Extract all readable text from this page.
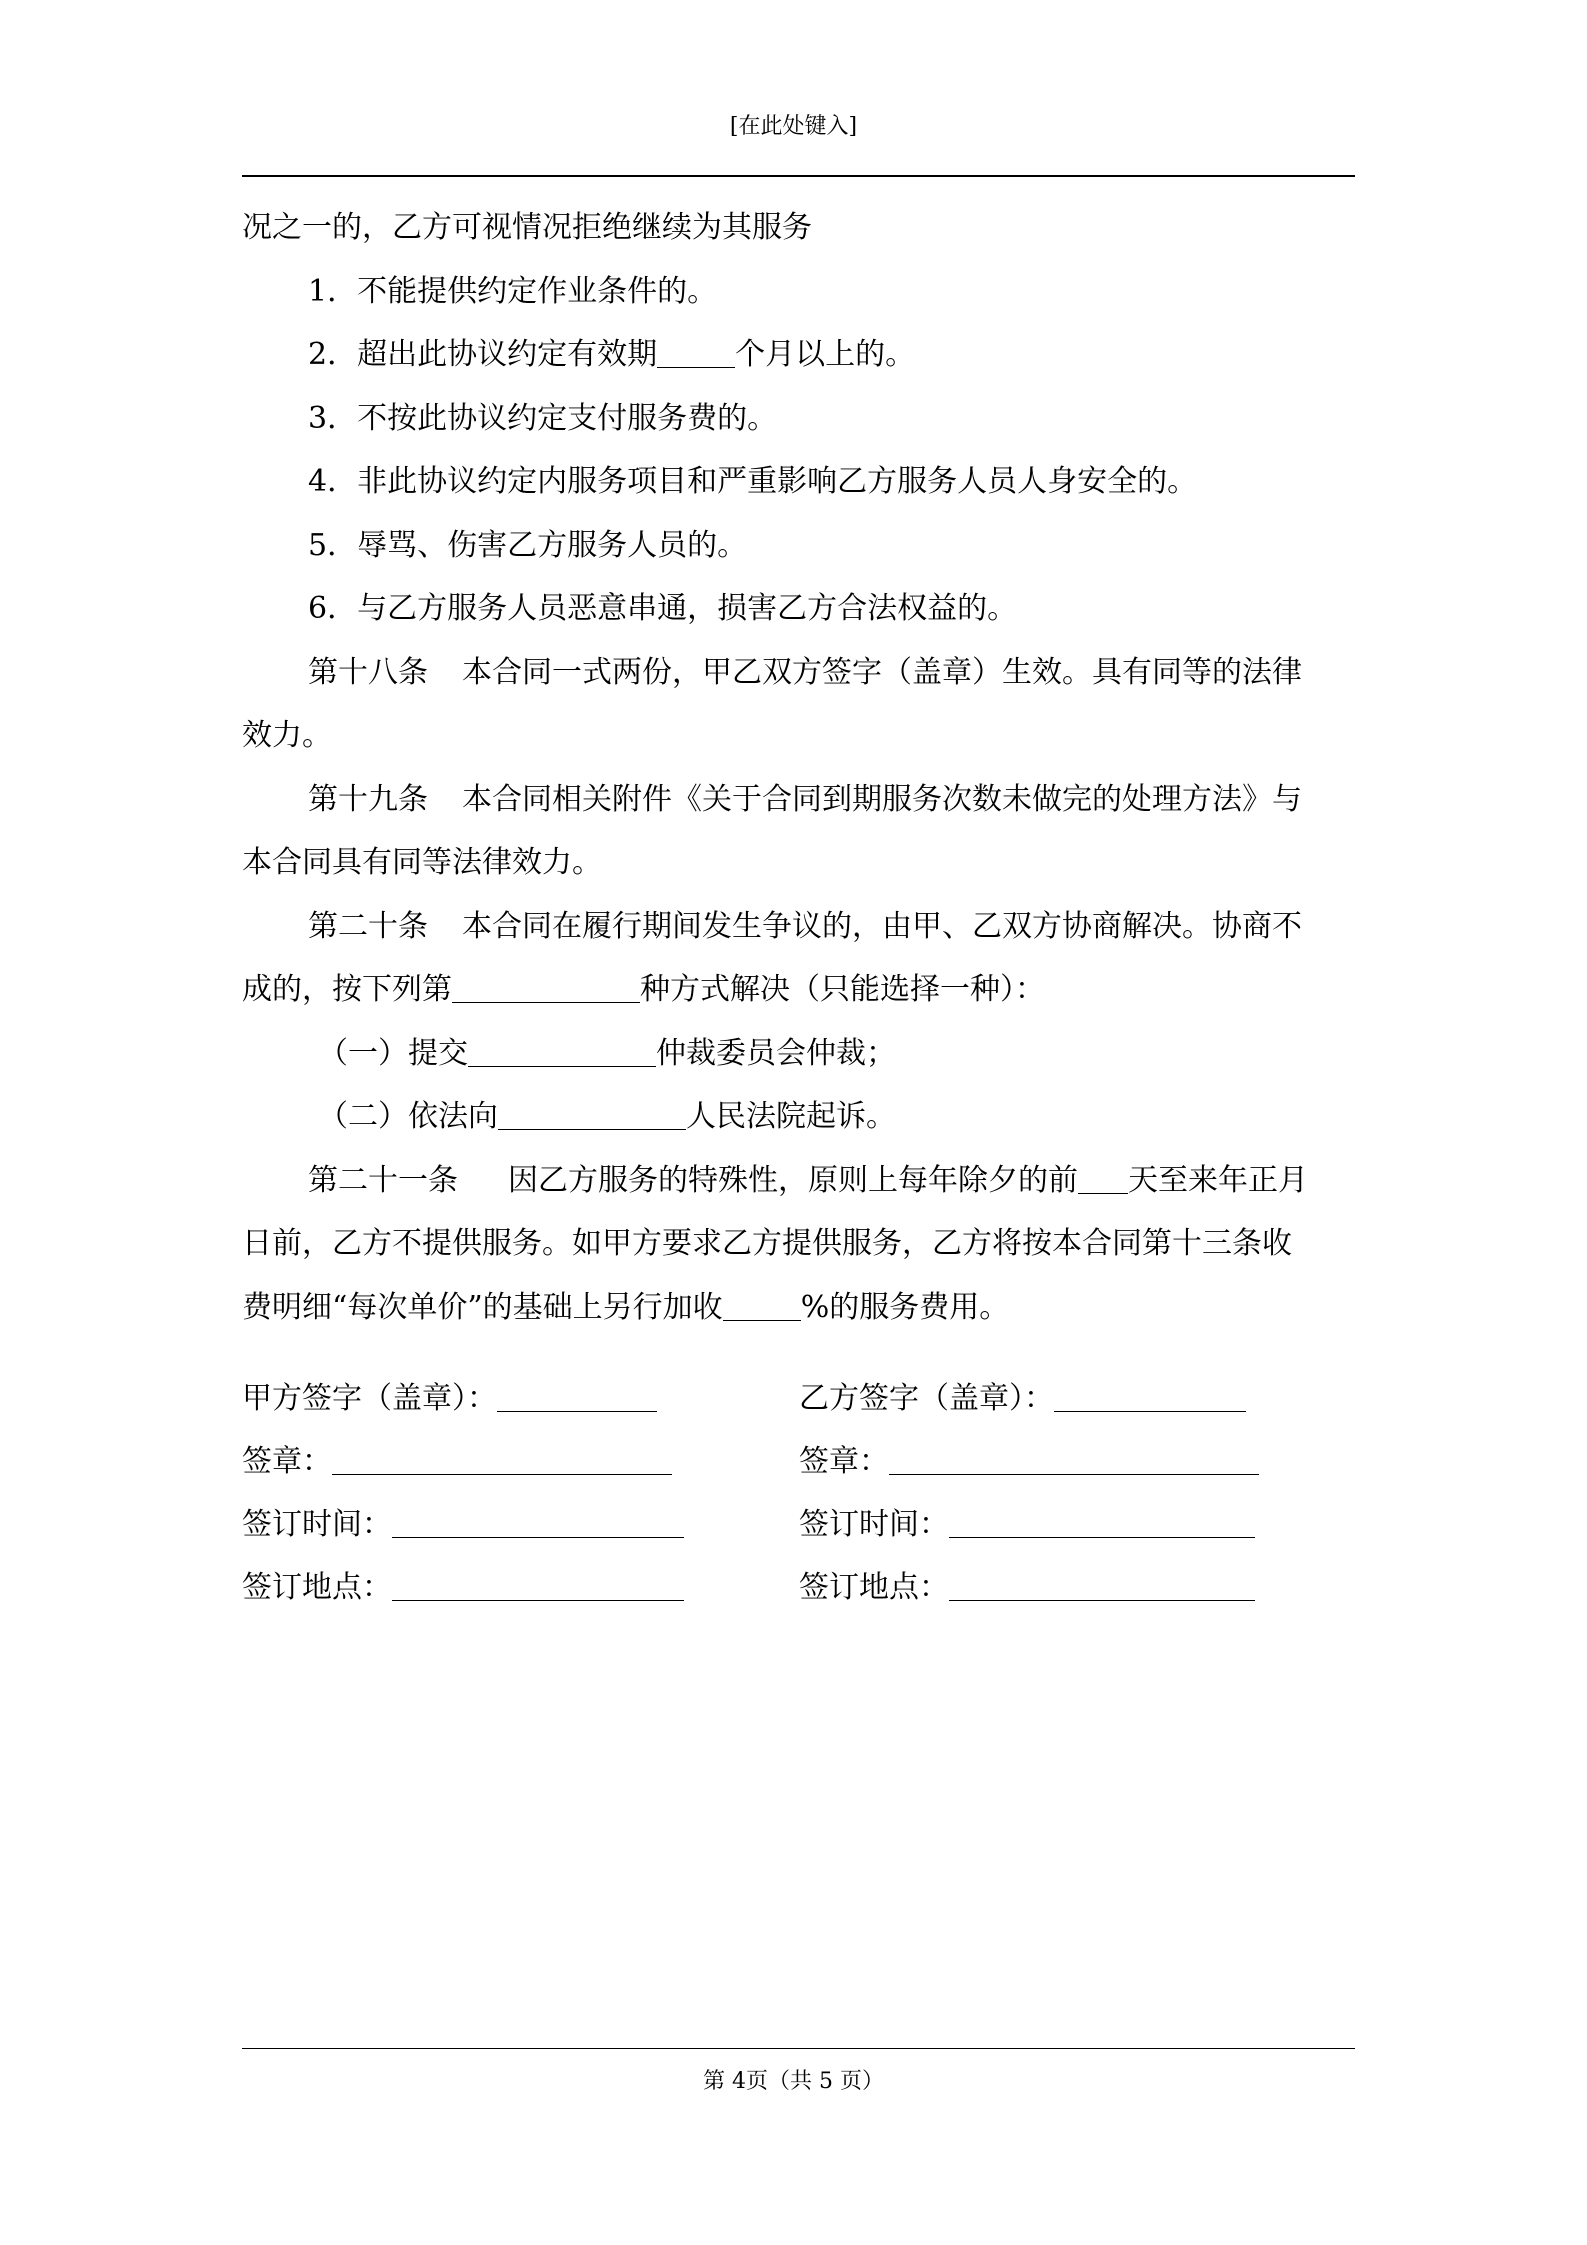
[在此处键入]
况之一的，乙方可视情况拒绝继续为其服务
1．不能提供约定作业条件的。
2．超出此协议约定有效期	个月以上的。
3．不按此协议约定支付服务费的。
4．非此协议约定内服务项目和严重影响乙方服务人员人身安全的。
5．辱骂、伤害乙方服务人员的。
6．与乙方服务人员恶意串通，损害乙方合法权益的。
第十八条 本合同一式两份，甲乙双方签字（盖章）生效。具有同等的法律
效力。
第十九条 本合同相关附件《关于合同到期服务次数未做完的处理方法》与
本合同具有同等法律效力。
第二十条 本合同在履行期间发生争议的，由甲、乙双方协商解决。协商不
成的，按下列第	种方式解决（只能选择一种）：
（一）提交	仲裁委员会仲裁；
（二）依法向	人民法院起诉。
第二十一条 因乙方服务的特殊性，原则上每年除夕的前 天至来年正月
日前，乙方不提供服务。如甲方要求乙方提供服务，乙方将按本合同第十三条收
费明细“每次单价”的基础上另行加收	%的服务费用。
甲方签字（盖章）：	乙方签字（盖章）：
签章：	签章：
签订时间：	签订时间：
签订地点：	签订地点：
第 4页（共 5 页）
